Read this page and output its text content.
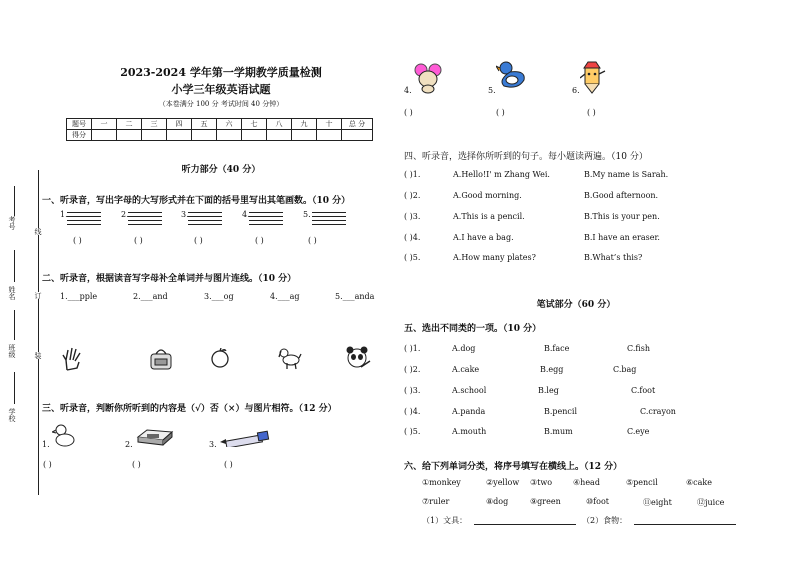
考号
姓名
班级
学校
线
订
装
2023-2024 学年第一学期教学质量检测
小学三年级英语试题
（本卷满分 100 分 考试时间 40 分钟）
题号	一	二	三	四	五	六	七	八	九	十	总 分
得分											
听力部分（40 分）
一、听录音，写出字母的大写形式并在下面的括号里写出其笔画数。（10 分）
1.	2.	3.	4.	5.
( )	( )	( )	( )	( )
二、听录音，根据读音写字母补全单词并与图片连线。（10 分）
1.___pple	2.___and	3.___og	4.___ag	5.___anda
三、听录音，判断你所听到的内容是（√）否（×）与图片相符。（12 分）
1.	2.	3.
( )	( )	( )
4.	5.	6.
( )	( )	( )
四、听录音，选择你所听到的句子。每小题读两遍。（10 分）
( )1.	A.Hello!I' m Zhang Wei.	B.My name is Sarah.
( )2.	A.Good morning.	B.Good afternoon.
( )3.	A.This is a pencil.	B.This is your pen.
( )4.	A.I have a bag.	B.I have an eraser.
( )5.	A.How many plates?	B.What’s this?
笔试部分（60 分）
五、选出不同类的一项。（10 分）
( )1.	A.dog	B.face	C.fish
( )2.	A.cake	B.egg	C.bag
( )3.	A.school	B.leg	C.foot
( )4.	A.panda	B.pencil	C.crayon
( )5.	A.mouth	B.mum	C.eye
六、给下列单词分类，将序号填写在横线上。（12 分）
①monkey	②yellow ③two	④head	⑤pencil	⑥cake
⑦ruler	⑧dog	⑨green	⑩foot	⑪eight	⑫juice
（1）文具：	（2）食物：
